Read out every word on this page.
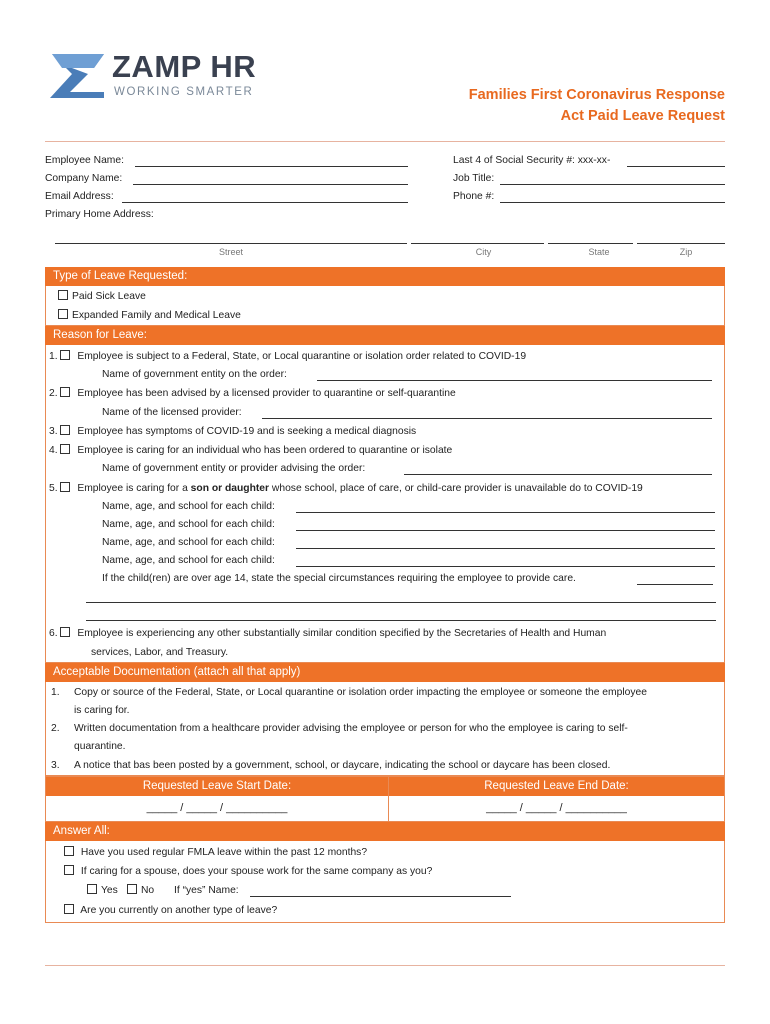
ZAMP HR
WORKING SMARTER	Families First Coronavirus Response
Act Paid Leave Request
Employee Name:
Company Name:
Email Address:
Primary Home Address:
Last 4 of Social Security #: xxx-xx-
Job Title:
Phone #:
Street	City	State	Zip
Type of Leave Requested:
Paid Sick Leave
Expanded Family and Medical Leave
Reason for Leave:
1. Employee is subject to a Federal, State, or Local quarantine or isolation order related to COVID-19
Name of government entity on the order:
2. Employee has been advised by a licensed provider to quarantine or self-quarantine
Name of the licensed provider:
3. Employee has symptoms of COVID-19 and is seeking a medical diagnosis
4. Employee is caring for an individual who has been ordered to quarantine or isolate
Name of government entity or provider advising the order:
5. Employee is caring for a son or daughter whose school, place of care, or child-care provider is unavailable do to COVID-19
Name, age, and school for each child:
Name, age, and school for each child:
Name, age, and school for each child:
Name, age, and school for each child:
If the child(ren) are over age 14, state the special circumstances requiring the employee to provide care.
6. Employee is experiencing any other substantially similar condition specified by the Secretaries of Health and Human
services, Labor, and Treasury.
Acceptable Documentation (attach all that apply)
1. Copy or source of the Federal, State, or Local quarantine or isolation order impacting the employee or someone the employee
is caring for.
2. Written documentation from a healthcare provider advising the employee or person for who the employee is caring to self-
quarantine.
3. A notice that bas been posted by a government, school, or daycare, indicating the school or daycare has been closed.
Requested Leave Start Date:
_____ / _____ / __________
Requested Leave End Date:
_____ / _____ / __________
Answer All:
Have you used regular FMLA leave within the past 12 months?
If caring for a spouse, does your spouse work for the same company as you?
Yes	No If “yes” Name:
Are you currently on another type of leave?
